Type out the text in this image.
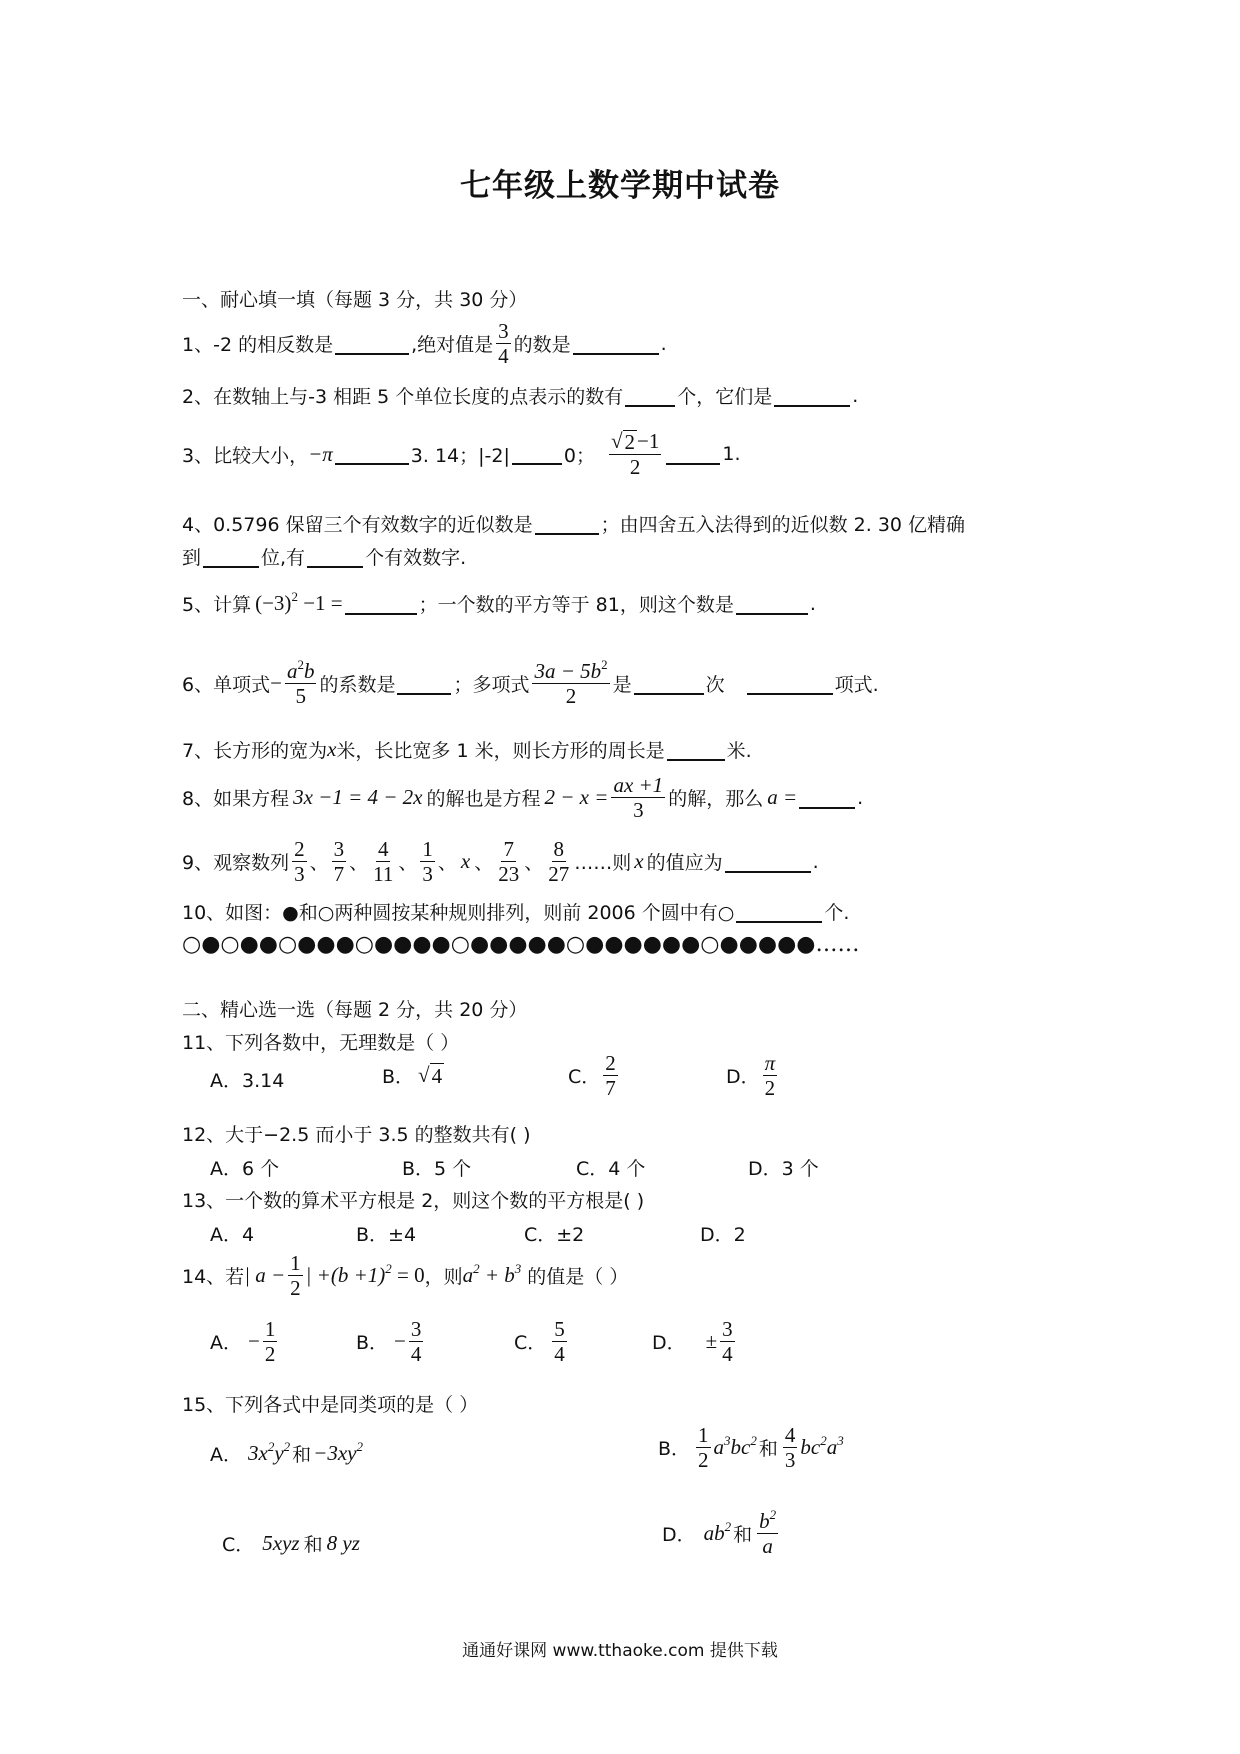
七年级上数学期中试卷
一、耐心填一填（每题 3 分，共 30 分）
1、-2 的相反数是	,绝对值是 $\frac{3}{4}$ 的数是	.
2、在数轴上与-3 相距 5 个单位长度的点表示的数有	个，它们是	.
3、比较大小， −π	3. 14；|-2|	0； $\frac{√ 2 -1}{2}$	1.
4、0.5796 保留三个有效数字的近似数是	；由四舍五入法得到的近似数 2. 30 亿精确
到	位,有	个有效数字.
5、计算 $(-3)^2 -1$ =	；一个数的平方等于 81，则这个数是	.
6、单项式 − $\frac{a^2b}{5}$ 的系数是	；多项式 $\frac{3a - 5b^2}{2}$ 是	次	项式.
7、长方形的宽为 x 米，长比宽多 1 米，则长方形的周长是	米.
8、如果方程 3x −1 = 4 − 2x 的解也是方程 $2 - x = \frac{ax +1}{3}$ 的解，那么 a =	.
9、观察数列 $\frac{2}{3}$ 、 $\frac{3}{7}$ 、 $\frac{4}{11}$ 、 $\frac{1}{3}$ 、 x 、 $\frac{7}{23}$ 、 $\frac{8}{27}$ ……则 x 的值应为	.
10、如图：●和○两种圆按某种规则排列，则前 2006 个圆中有○	个.
○●○●●○●●●○●●●●○●●●●●○●●●●●●○●●●●●……
二、精心选一选（每题 2 分，共 20 分）
11、下列各数中，无理数是（ ）
A．3.14	B． √ 4	C． $\frac{2}{7}$	D． $\frac{\pi}{2}$
12、大于−2.5 而小于 3.5 的整数共有( )
A．6 个	B．5 个	C．4 个	D．3 个
13、一个数的算术平方根是 2，则这个数的平方根是( )
A．4	B．±4	C．±2	D．2
14、若 | $a - \frac{1}{2}$ | $+(b +1)^2 = 0$ ，则 $a^2 + b^3$ 的值是（ ）
A． − $\frac{1}{2}$	B． − $\frac{3}{4}$	C． $\frac{5}{4}$	D． ± $\frac{3}{4}$
15、下列各式中是同类项的是（ ）
A． $3x^2y^2$ 和 $-3xy^2$	B． $\frac{1}{2} a^3bc^2$ 和 $\frac{4}{3} bc^2a^3$
C． 5xyz 和 8 yz	D． $ab^2$ 和 $\frac{b^2}{a}$
通通好课网 www.tthaoke.com 提供下载
